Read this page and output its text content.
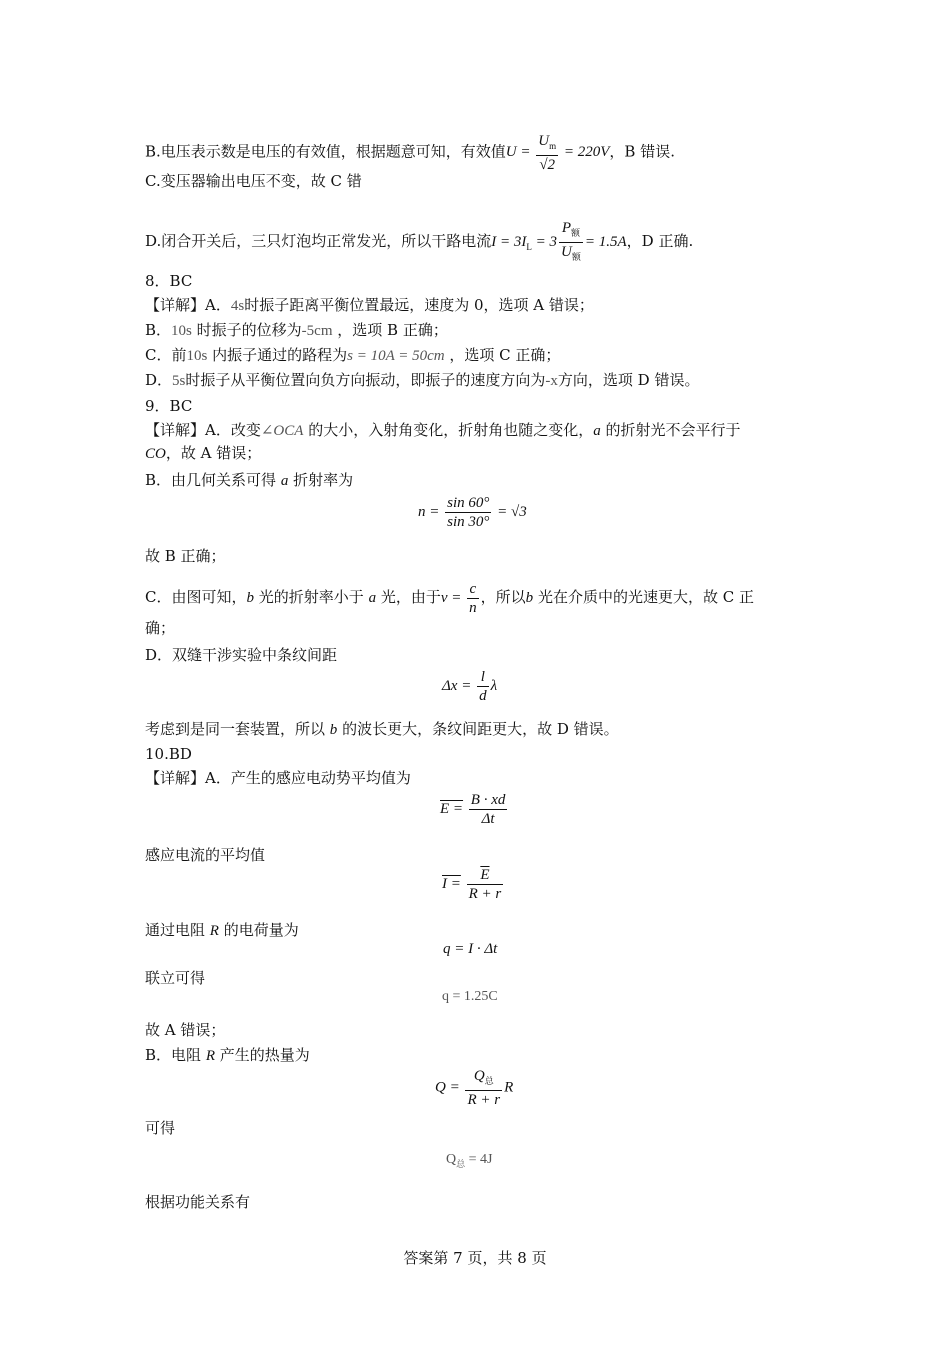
B.电压表示数是电压的有效值，根据题意可知，有效值$U = \frac{U_m}{√2} = 220V$，B 错误.
C.变压器输出电压不变，故 C 错
D.闭合开关后，三只灯泡均正常发光，所以干路电流$I = 3I_L = 3 \frac{P_额}{U_额} = 1.5A$，D 正确.
8．BC
【详解】A．4s时振子距离平衡位置最远，速度为 0，选项 A 错误；
B．10s 时振子的位移为-5cm ，选项 B 正确；
C．前10s 内振子通过的路程为s = 10A = 50cm ，选项 C 正确；
D．5s时振子从平衡位置向负方向振动，即振子的速度方向为-x方向，选项 D 错误。
9．BC
【详解】A．改变∠OCA 的大小，入射角变化，折射角也随之变化，a 的折射光不会平行于
CO，故 A 错误；
B．由几何关系可得 a 折射率为
$n = \frac{\sin 60^\circ}{\sin 30^\circ} = √3$
故 B 正确；
C．由图可知，b 光的折射率小于 a 光，由于$v = \frac{c}{n}$ ，所以b 光在介质中的光速更大，故 C 正
确；
D．双缝干涉实验中条纹间距
$\Delta x = \frac{l}{d}$ λ
考虑到是同一套装置，所以 b 的波长更大，条纹间距更大，故 D 错误。
10.BD
【详解】A．产生的感应电动势平均值为
$E = \frac{B \cdot xd}{\Delta t}$
感应电流的平均值
$I = \frac{\overline{E}}{R + r}$
通过电阻 R 的电荷量为
q = I · Δt
联立可得
q = 1.25C
故 A 错误；
B．电阻 R 产生的热量为
$Q = \frac{Q_总}{R + r}$ R
可得
$Q_总 = 4J$
根据功能关系有
答案第 7 页，共 8 页
